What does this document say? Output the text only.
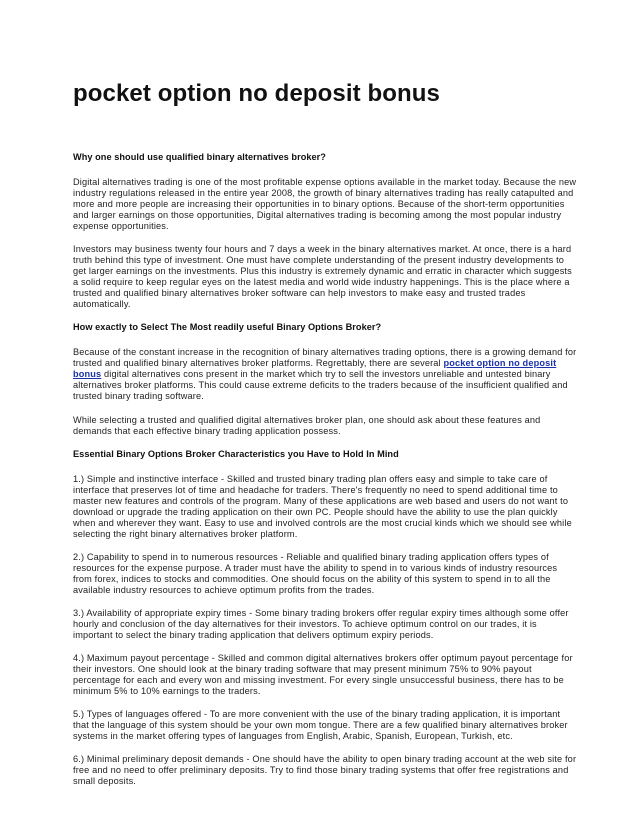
pocket option no deposit bonus
Why one should use qualified binary alternatives broker?

Digital alternatives trading is one of the most profitable expense options available in the market today. Because the new industry regulations released in the entire year 2008, the growth of binary alternatives trading has really catapulted and more and more people are increasing their opportunities in to binary options. Because of the short-term opportunities and larger earnings on those opportunities, Digital alternatives trading is becoming among the most popular industry expense opportunities.

Investors may business twenty four hours and 7 days a week in the binary alternatives market. At once, there is a hard truth behind this type of investment. One must have complete understanding of the present industry developments to get larger earnings on the investments. Plus this industry is extremely dynamic and erratic in character which suggests a solid require to keep regular eyes on the latest media and world wide industry happenings. This is the place where a trusted and qualified binary alternatives broker software can help investors to make easy and trusted trades automatically.

How exactly to Select The Most readily useful Binary Options Broker?

Because of the constant increase in the recognition of binary alternatives trading options, there is a growing demand for trusted and qualified binary alternatives broker platforms. Regrettably, there are several pocket option no deposit bonus digital alternatives cons present in the market which try to sell the investors unreliable and untested binary alternatives broker platforms. This could cause extreme deficits to the traders because of the insufficient qualified and trusted binary trading software.

While selecting a trusted and qualified digital alternatives broker plan, one should ask about these features and demands that each effective binary trading application possess.

Essential Binary Options Broker Characteristics you Have to Hold In Mind

1.) Simple and instinctive interface - Skilled and trusted binary trading plan offers easy and simple to take care of interface that preserves lot of time and headache for traders. There's frequently no need to spend additional time to master new features and controls of the program. Many of these applications are web based and users do not want to download or upgrade the trading application on their own PC. People should have the ability to use the plan quickly when and wherever they want. Easy to use and involved controls are the most crucial kinds which we should see while selecting the right binary alternatives broker platform.

2.) Capability to spend in to numerous resources - Reliable and qualified binary trading application offers types of resources for the expense purpose. A trader must have the ability to spend in to various kinds of industry resources from forex, indices to stocks and commodities. One should focus on the ability of this system to spend in to all the available industry resources to achieve optimum profits from the trades.

3.) Availability of appropriate expiry times - Some binary trading brokers offer regular expiry times although some offer hourly and conclusion of the day alternatives for their investors. To achieve optimum control on our trades, it is important to select the binary trading application that delivers optimum expiry periods.

4.) Maximum payout percentage - Skilled and common digital alternatives brokers offer optimum payout percentage for their investors. One should look at the binary trading software that may present minimum 75% to 90% payout percentage for each and every won and missing investment. For every single unsuccessful business, there has to be minimum 5% to 10% earnings to the traders.

5.) Types of languages offered - To are more convenient with the use of the binary trading application, it is important that the language of this system should be your own mom tongue. There are a few qualified binary alternatives broker systems in the market offering types of languages from English, Arabic, Spanish, European, Turkish, etc.

6.) Minimal preliminary deposit demands - One should have the ability to open binary trading account at the web site for free and no need to offer preliminary deposits. Try to find those binary trading systems that offer free registrations and small deposits.
